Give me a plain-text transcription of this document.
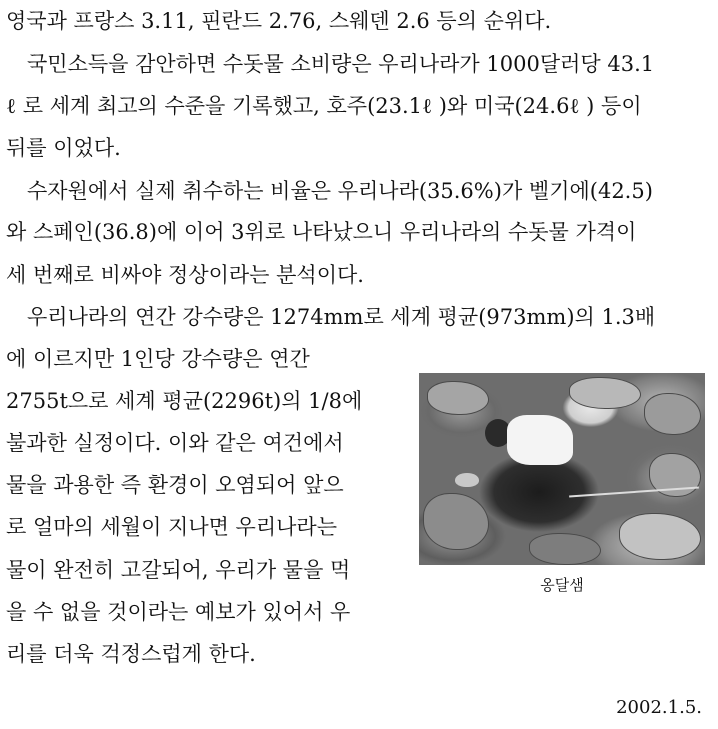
영국과 프랑스 3.11, 핀란드 2.76, 스웨덴 2.6 등의 순위다.
　국민소득을 감안하면 수돗물 소비량은 우리나라가 1000달러당 43.1
ℓ 로 세계 최고의 수준을 기록했고, 호주(23.1ℓ )와 미국(24.6ℓ ) 등이
뒤를 이었다.
　수자원에서 실제 취수하는 비율은 우리나라(35.6%)가 벨기에(42.5)
와 스페인(36.8)에 이어 3위로 나타났으니 우리나라의 수돗물 가격이
세 번째로 비싸야 정상이라는 분석이다.
　우리나라의 연간 강수량은 1274mm로 세계 평균(973mm)의 1.3배
에 이르지만 1인당 강수량은 연간
2755t으로 세계 평균(2296t)의 1/8에
불과한 실정이다. 이와 같은 여건에서
물을 과용한 즉 환경이 오염되어 앞으
로 얼마의 세월이 지나면 우리나라는
물이 완전히 고갈되어, 우리가 물을 먹
을 수 없을 것이라는 예보가 있어서 우
리를 더욱 걱정스럽게 한다.
옹달샘
2002.1.5.
